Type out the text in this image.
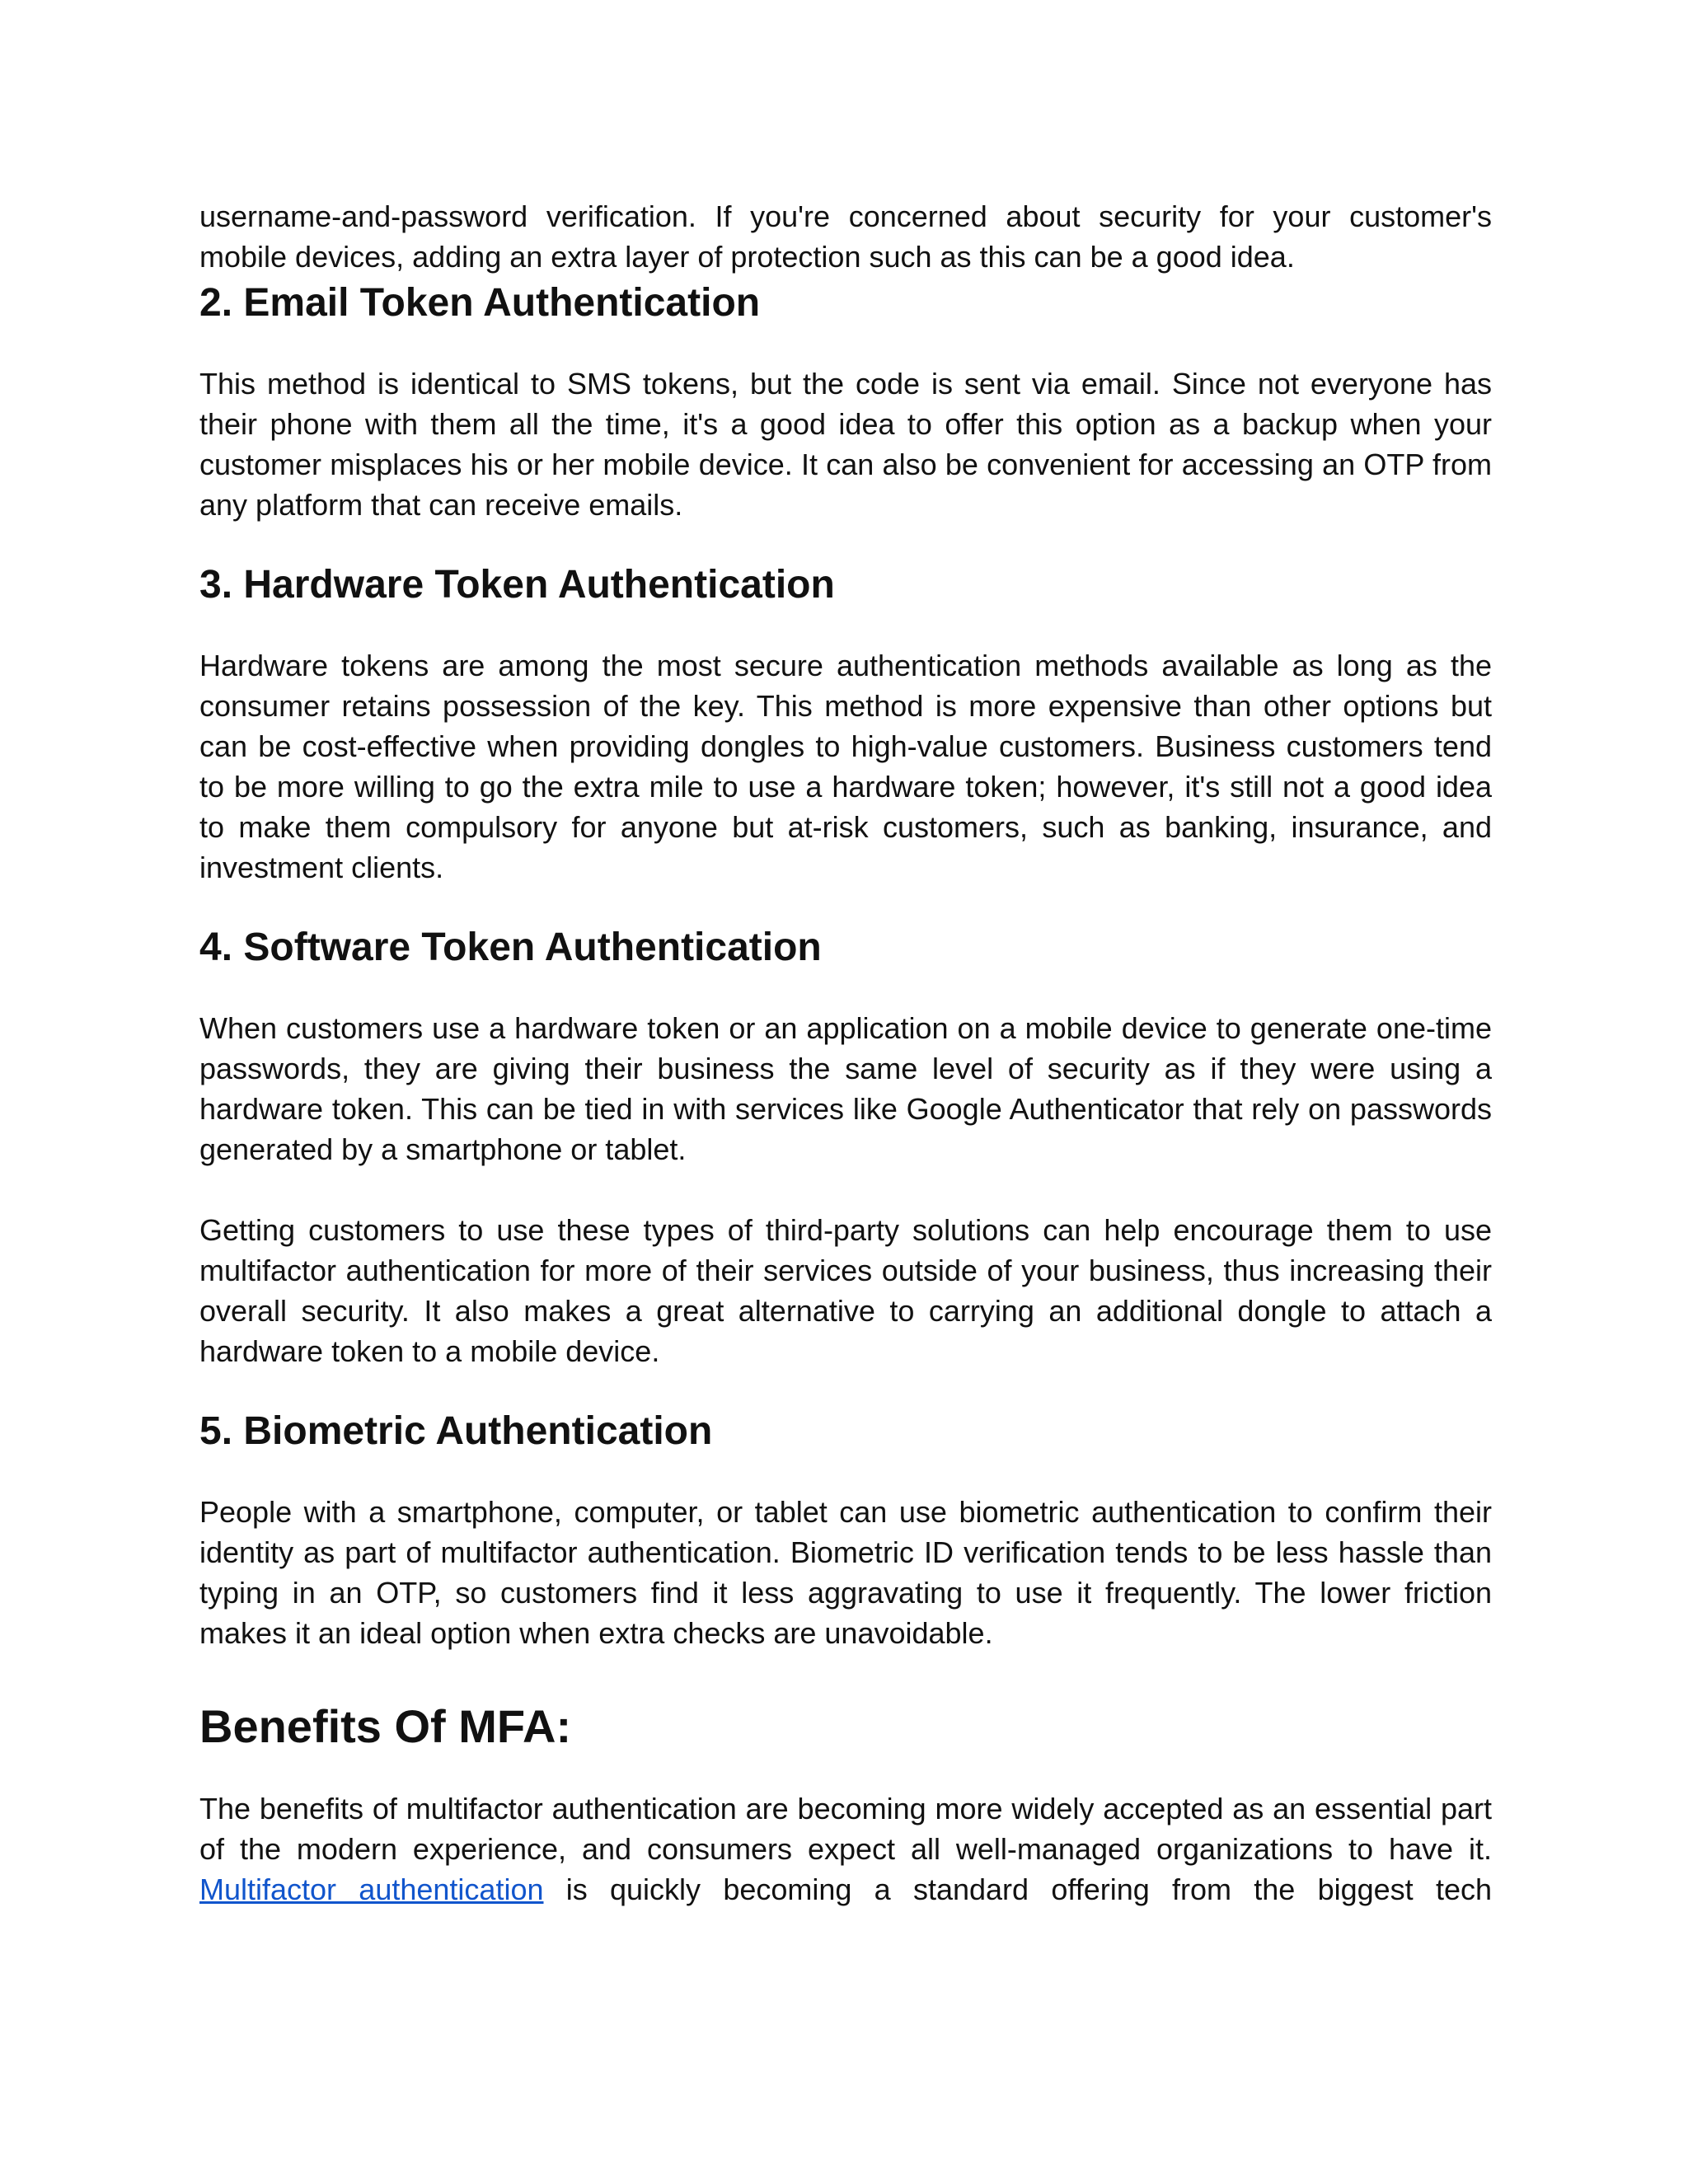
username-and-password verification. If you're concerned about security for your customer's mobile devices, adding an extra layer of protection such as this can be a good idea.

2. Email Token Authentication

This method is identical to SMS tokens, but the code is sent via email. Since not everyone has their phone with them all the time, it's a good idea to offer this option as a backup when your customer misplaces his or her mobile device. It can also be convenient for accessing an OTP from any platform that can receive emails.

3. Hardware Token Authentication

Hardware tokens are among the most secure authentication methods available as long as the consumer retains possession of the key. This method is more expensive than other options but can be cost-effective when providing dongles to high-value customers. Business customers tend to be more willing to go the extra mile to use a hardware token; however, it's still not a good idea to make them compulsory for anyone but at-risk customers, such as banking, insurance, and investment clients.

4. Software Token Authentication

When customers use a hardware token or an application on a mobile device to generate one-time passwords, they are giving their business the same level of security as if they were using a hardware token. This can be tied in with services like Google Authenticator that rely on passwords generated by a smartphone or tablet.

Getting customers to use these types of third-party solutions can help encourage them to use multifactor authentication for more of their services outside of your business, thus increasing their overall security. It also makes a great alternative to carrying an additional dongle to attach a hardware token to a mobile device.

5. Biometric Authentication

People with a smartphone, computer, or tablet can use biometric authentication to confirm their identity as part of multifactor authentication. Biometric ID verification tends to be less hassle than typing in an OTP, so customers find it less aggravating to use it frequently. The lower friction makes it an ideal option when extra checks are unavoidable.

Benefits Of MFA:

The benefits of multifactor authentication are becoming more widely accepted as an essential part of the modern experience, and consumers expect all well-managed organizations to have it. Multifactor authentication is quickly becoming a standard offering from the biggest tech
